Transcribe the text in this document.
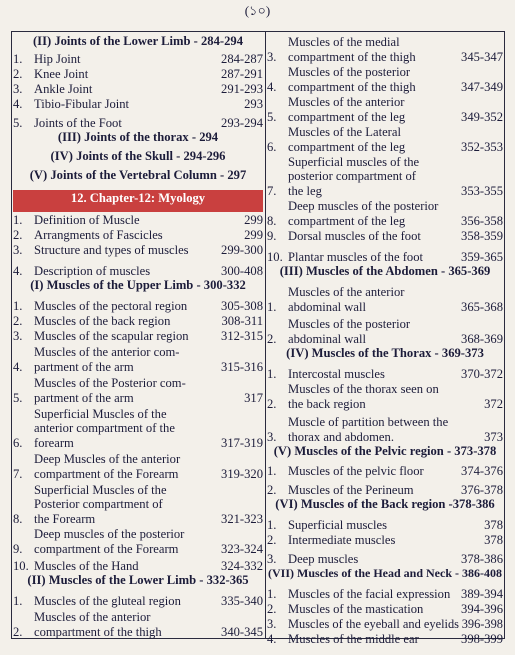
(১০)
(II) Joints of the Lower Limb - 284-294
1. Hip Joint	284-287
2. Knee Joint	287-291
3. Ankle Joint	291-293
4. Tibio-Fibular Joint	293
5. Joints of the Foot	293-294
(III) Joints of the thorax - 294
(IV) Joints of the Skull - 294-296
(V) Joints of the Vertebral Column - 297
12. Chapter-12: Myology
1. Definition of Muscle	299
2. Arrangments of Fascicles	299
3. Structure and types of muscles	299-300
4. Description of muscles	300-408
(I) Muscles of the Upper Limb - 300-332
1. Muscles of the pectoral region	305-308
2. Muscles of the back region	308-311
3. Muscles of the scapular region	312-315
4.
Muscles of the anterior com-
partment of the arm	315-316
5.
Muscles of the Posterior com-
partment of the arm	317
6.
Superficial Muscles of the
anterior compartment of the
forearm	317-319
7.
Deep Muscles of the anterior
compartment of the Forearm	319-320
8.
Superficial Muscles of the
Posterior compartment of
the Forearm	321-323
9.
Deep muscles of the posterior
compartment of the Forearm	323-324
10. Muscles of the Hand	324-332
(II) Muscles of the Lower Limb - 332-365
1. Muscles of the gluteal region	335-340
2.
Muscles of the anterior
compartment of the thigh	340-345
3.
Muscles of the medial
compartment of the thigh	345-347
4.
Muscles of the posterior
compartment of the thigh	347-349
5.
Muscles of the anterior
compartment of the leg	349-352
6.
Muscles of the Lateral
compartment of the leg	352-353
7.
Superficial muscles of the
posterior compartment of
the leg	353-355
8.
Deep muscles of the posterior
compartment of the leg	356-358
9. Dorsal muscles of the foot	358-359
10. Plantar muscles of the foot	359-365
(III) Muscles of the Abdomen - 365-369
1.
Muscles of the anterior
abdominal wall	365-368
2.
Muscles of the posterior
abdominal wall	368-369
(IV) Muscles of the Thorax - 369-373
1. Intercostal muscles	370-372
2.
Muscles of the thorax seen on
the back region	372
3.
Muscle of partition between the
thorax and abdomen.	373
(V) Muscles of the Pelvic region - 373-378
1. Muscles of the pelvic floor	374-376
2. Muscles of the Perineum	376-378
(VI) Muscles of the Back region -378-386
1. Superficial muscles	378
2. Intermediate muscles	378
3. Deep muscles	378-386
(VII) Muscles of the Head and Neck - 386-408
1. Muscles of the facial expression 389-394
2. Muscles of the mastication	394-396
3. Muscles of the eyeball and eyelids 396-398
4. Muscles of the middle ear	398-399
